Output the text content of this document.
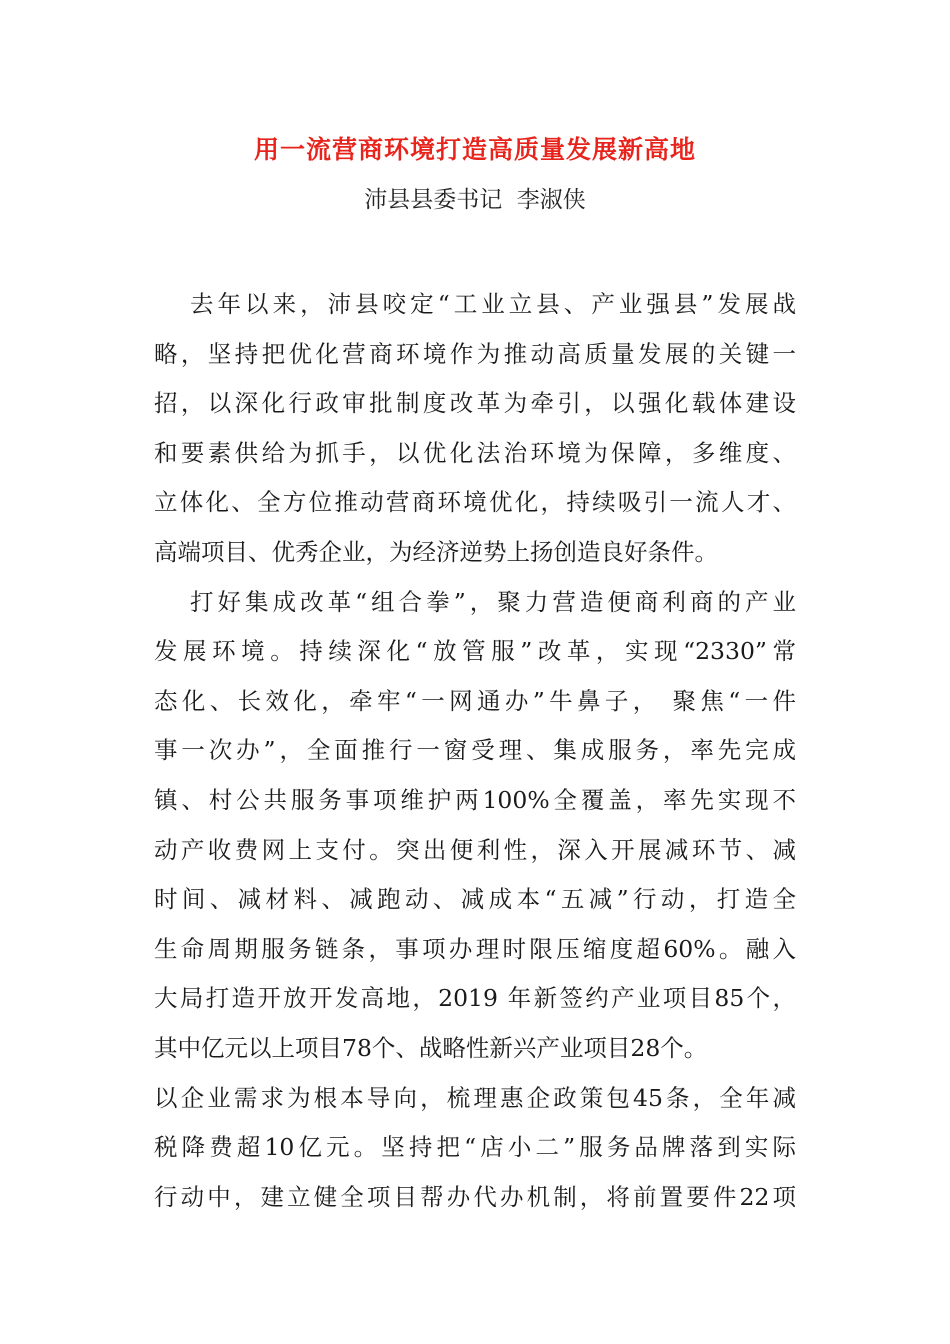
用一流营商环境打造高质量发展新高地
沛县县委书记  李淑侠
去年以来，沛县咬定“工业立县、产业强县”发展战
略，坚持把优化营商环境作为推动高质量发展的关键一
招，以深化行政审批制度改革为牵引，以强化载体建设
和要素供给为抓手，以优化法治环境为保障，多维度、
立体化、全方位推动营商环境优化，持续吸引一流人才、
高端项目、优秀企业，为经济逆势上扬创造良好条件。
打好集成改革“组合拳”，聚力营造便商利商的产业
发展环境。持续深化“放管服”改革，实现“2330”常
态化、长效化，牵牢“一网通办”牛鼻子， 聚焦“一件
事一次办”，全面推行一窗受理、集成服务，率先完成
镇、村公共服务事项维护两100%全覆盖，率先实现不
动产收费网上支付。突出便利性，深入开展减环节、减
时间、减材料、减跑动、减成本“五减”行动，打造全
生命周期服务链条，事项办理时限压缩度超60%。融入
大局打造开放开发高地，2019 年新签约产业项目85个，
其中亿元以上项目78个、战略性新兴产业项目28个。
以企业需求为根本导向，梳理惠企政策包45条，全年减
税降费超10亿元。坚持把“店小二”服务品牌落到实际
行动中，建立健全项目帮办代办机制，将前置要件22项
